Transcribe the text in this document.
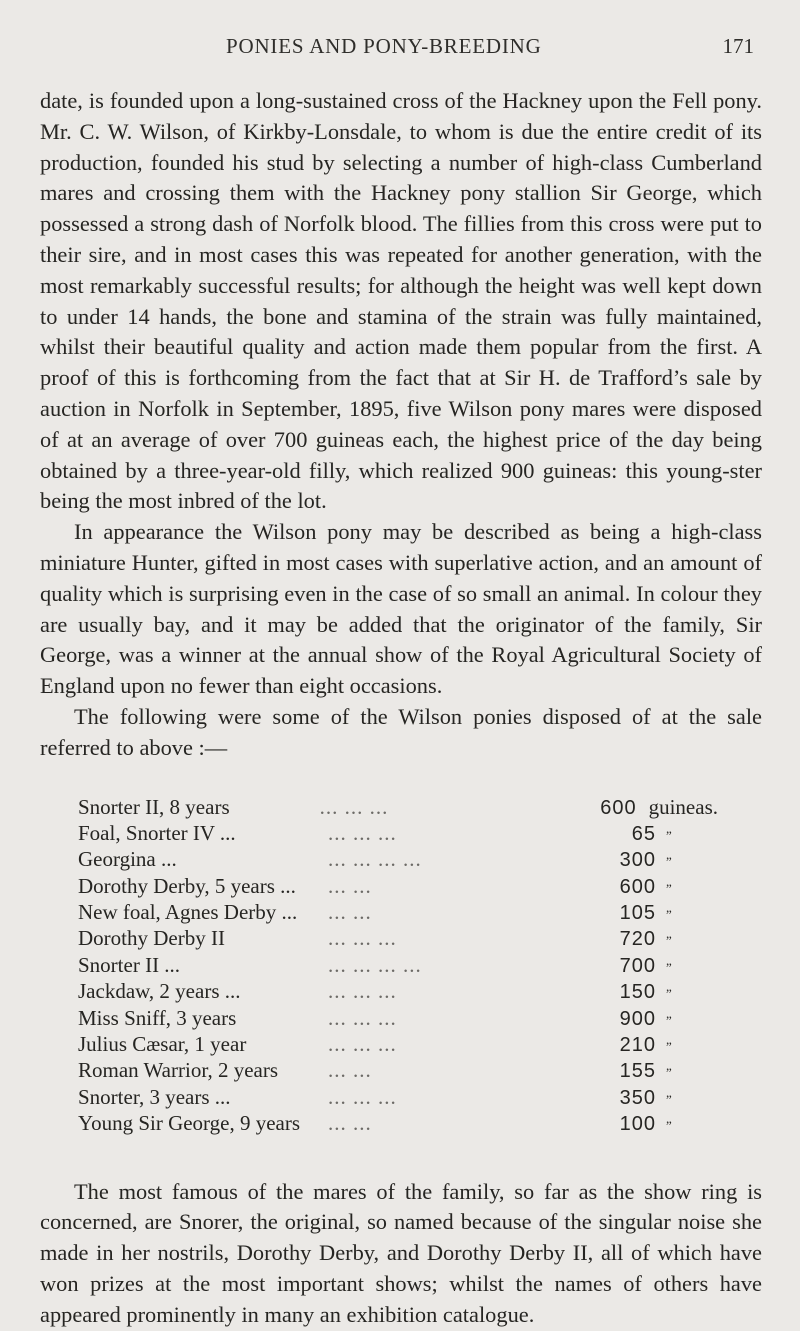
PONIES AND PONY-BREEDING	171

date, is founded upon a long-sustained cross of the Hackney upon the Fell pony. Mr. C. W. Wilson, of Kirkby-Lonsdale, to whom is due the entire credit of its production, founded his stud by selecting a number of high-class Cumberland mares and crossing them with the Hackney pony stallion Sir George, which possessed a strong dash of Norfolk blood. The fillies from this cross were put to their sire, and in most cases this was repeated for another generation, with the most remarkably successful results; for although the height was well kept down to under 14 hands, the bone and stamina of the strain was fully maintained, whilst their beautiful quality and action made them popular from the first. A proof of this is forthcoming from the fact that at Sir H. de Trafford’s sale by auction in Norfolk in September, 1895, five Wilson pony mares were disposed of at an average of over 700 guineas each, the highest price of the day being obtained by a three-year-old filly, which realized 900 guineas: this young-ster being the most inbred of the lot.

In appearance the Wilson pony may be described as being a high-class miniature Hunter, gifted in most cases with superlative action, and an amount of quality which is surprising even in the case of so small an animal. In colour they are usually bay, and it may be added that the originator of the family, Sir George, was a winner at the annual show of the Royal Agricultural Society of England upon no fewer than eight occasions.

The following were some of the Wilson ponies disposed of at the sale referred to above :—

Snorter II, 8 years	... ... ...	600 guineas.
Foal, Snorter IV ...	... ... ...	65 ”
Georgina ...	... ... ... ...	300 ”
Dorothy Derby, 5 years ...	... ...	600 ”
New foal, Agnes Derby ...	... ...	105 ”
Dorothy Derby II	... ... ...	720 ”
Snorter II ...	... ... ... ...	700 ”
Jackdaw, 2 years ...	... ... ...	150 ”
Miss Sniff, 3 years	... ... ...	900 ”
Julius Cæsar, 1 year	... ... ...	210 ”
Roman Warrior, 2 years	... ...	155 ”
Snorter, 3 years ...	... ... ...	350 ”
Young Sir George, 9 years	... ...	100 ”

The most famous of the mares of the family, so far as the show ring is concerned, are Snorer, the original, so named because of the singular noise she made in her nostrils, Dorothy Derby, and Dorothy Derby II, all of which have won prizes at the most important shows; whilst the names of others have appeared prominently in many an exhibition catalogue.
